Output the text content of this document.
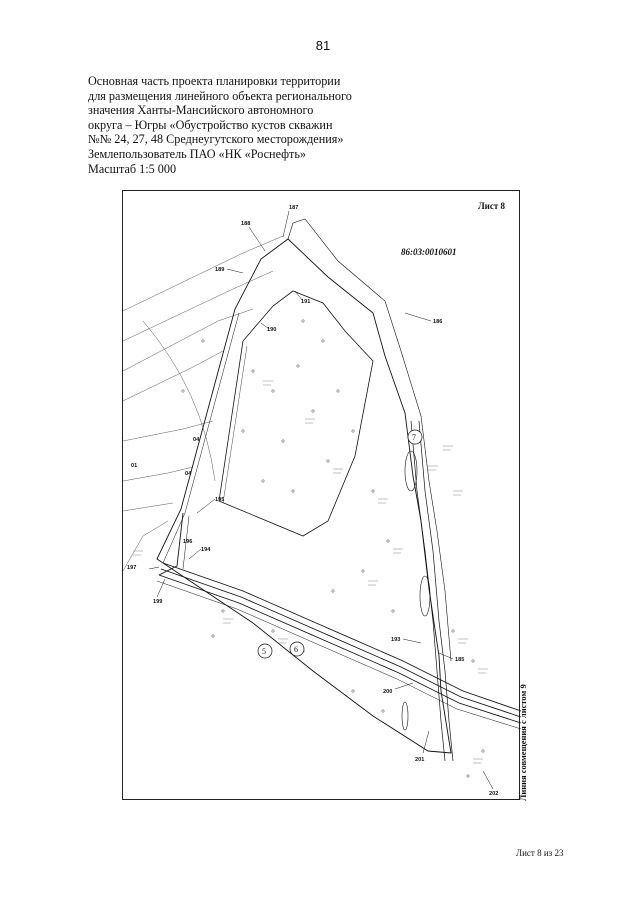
81
Основная часть проекта планировки территории
для размещения линейного объекта регионального
значения Ханты-Мансийского автономного
округа – Югры «Обустройство кустов скважин
№№ 24, 27, 48 Среднеугутского месторождения»
Землепользователь ПАО «НК «Роснефть»
Масштаб 1:5 000
187
188
189
186
191
190
195
196
197
194
199
193
185
200
201
202
04
04
01
7
5	6
Лист 8
86:03:0010601
Линия совмещения с листом 9
Лист 8 из 23
